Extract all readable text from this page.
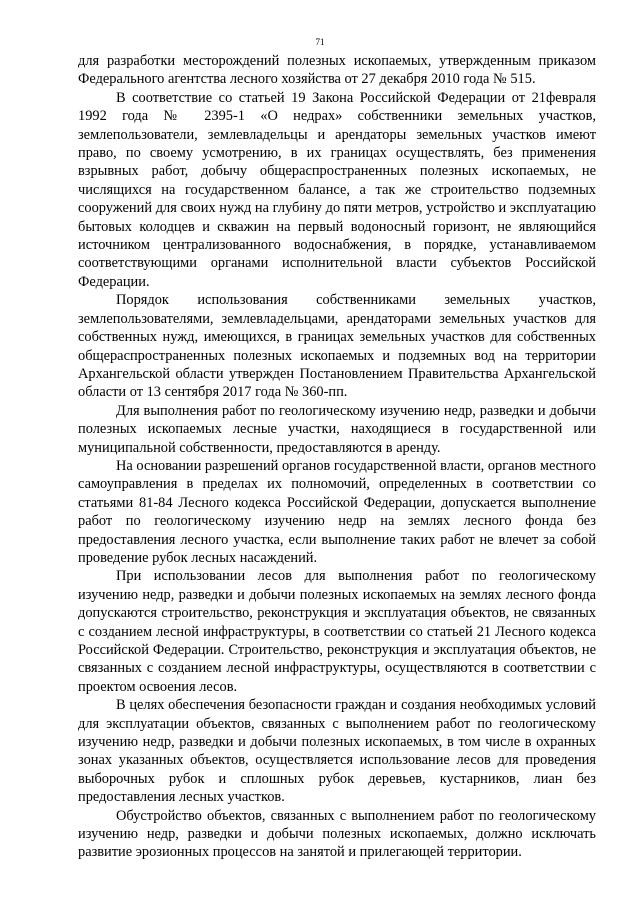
71

для разработки месторождений полезных ископаемых, утвержденным приказом Федерального агентства лесного хозяйства от 27 декабря 2010 года № 515.

В соответствие со статьей 19 Закона Российской Федерации от 21февраля 1992 года № 2395-1 «О недрах» собственники земельных участков, землепользователи, землевладельцы и арендаторы земельных участков имеют право, по своему усмотрению, в их границах осуществлять, без применения взрывных работ, добычу общераспространенных полезных ископаемых, не числящихся на государственном балансе, а так же строительство подземных сооружений для своих нужд на глубину до пяти метров, устройство и эксплуатацию бытовых колодцев и скважин на первый водоносный горизонт, не являющийся источником централизованного водоснабжения, в порядке, устанавливаемом соответствующими органами исполнительной власти субъектов Российской Федерации.

Порядок использования собственниками земельных участков, землепользователями, землевладельцами, арендаторами земельных участков для собственных нужд, имеющихся, в границах земельных участков для собственных общераспространенных полезных ископаемых и подземных вод на территории Архангельской области утвержден Постановлением Правительства Архангельской области от 13 сентября 2017 года № 360-пп.

Для выполнения работ по геологическому изучению недр, разведки и добычи полезных ископаемых лесные участки, находящиеся в государственной или муниципальной собственности, предоставляются в аренду.

На основании разрешений органов государственной власти, органов местного самоуправления в пределах их полномочий, определенных в соответствии со статьями 81-84 Лесного кодекса Российской Федерации, допускается выполнение работ по геологическому изучению недр на землях лесного фонда без предоставления лесного участка, если выполнение таких работ не влечет за собой проведение рубок лесных насаждений.

При использовании лесов для выполнения работ по геологическому изучению недр, разведки и добычи полезных ископаемых на землях лесного фонда допускаются строительство, реконструкция и эксплуатация объектов, не связанных с созданием лесной инфраструктуры, в соответствии со статьей 21 Лесного кодекса Российской Федерации. Строительство, реконструкция и эксплуатация объектов, не связанных с созданием лесной инфраструктуры, осуществляются в соответствии с проектом освоения лесов.

В целях обеспечения безопасности граждан и создания необходимых условий для эксплуатации объектов, связанных с выполнением работ по геологическому изучению недр, разведки и добычи полезных ископаемых, в том числе в охранных зонах указанных объектов, осуществляется использование лесов для проведения выборочных рубок и сплошных рубок деревьев, кустарников, лиан без предоставления лесных участков.

Обустройство объектов, связанных с выполнением работ по геологическому изучению недр, разведки и добычи полезных ископаемых, должно исключать развитие эрозионных процессов на занятой и прилегающей территории.
